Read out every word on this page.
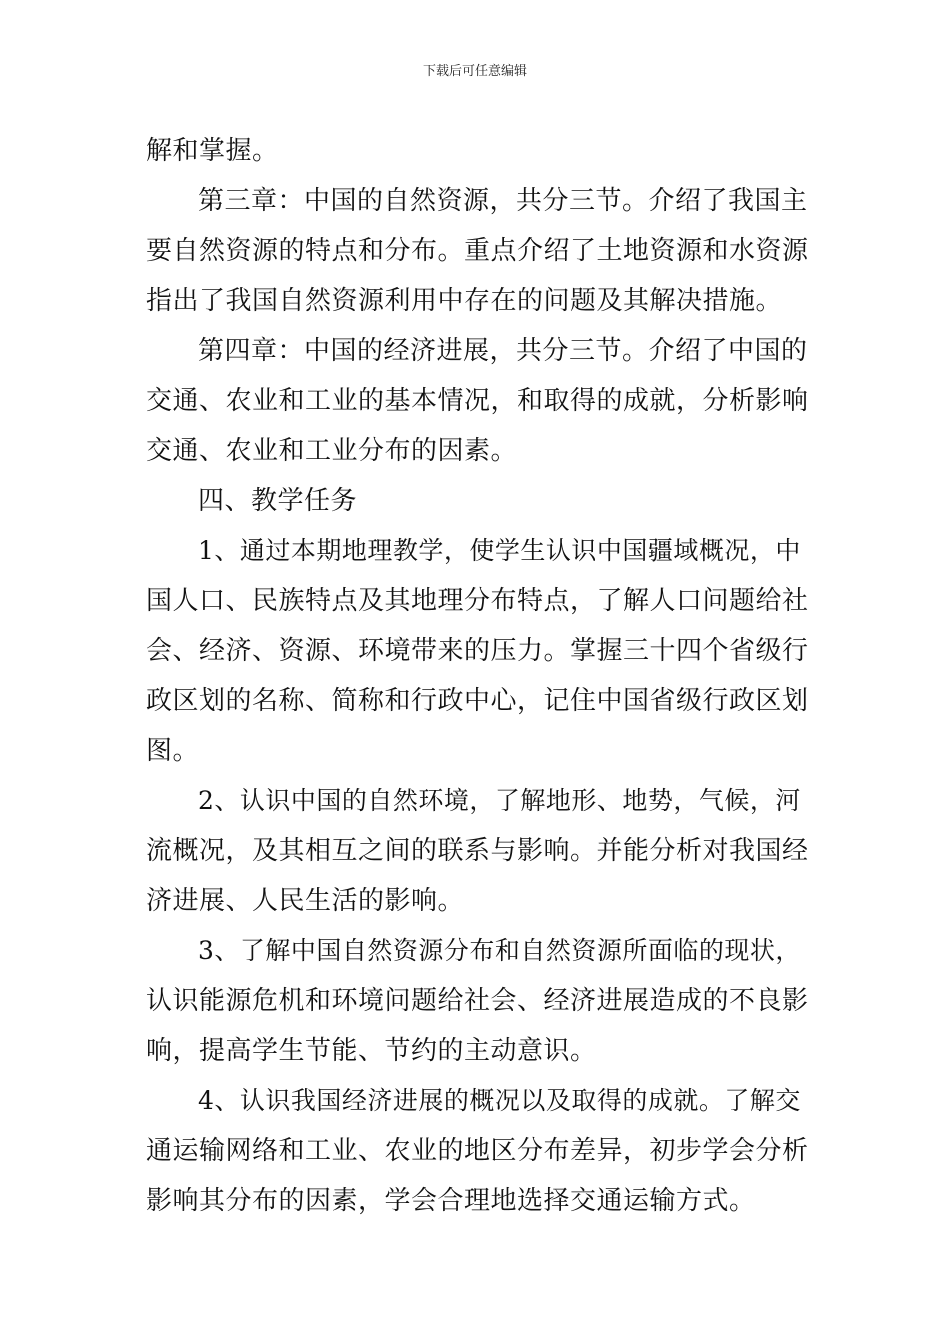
下载后可任意编辑
解和掌握。
第三章：中国的自然资源，共分三节。介绍了我国主
要自然资源的特点和分布。重点介绍了土地资源和水资源
指出了我国自然资源利用中存在的问题及其解决措施。
第四章：中国的经济进展，共分三节。介绍了中国的
交通、农业和工业的基本情况，和取得的成就，分析影响
交通、农业和工业分布的因素。
四、教学任务
1、通过本期地理教学，使学生认识中国疆域概况，中
国人口、民族特点及其地理分布特点，了解人口问题给社
会、经济、资源、环境带来的压力。掌握三十四个省级行
政区划的名称、简称和行政中心，记住中国省级行政区划
图。
2、认识中国的自然环境，了解地形、地势，气候，河
流概况，及其相互之间的联系与影响。并能分析对我国经
济进展、人民生活的影响。
3、了解中国自然资源分布和自然资源所面临的现状，
认识能源危机和环境问题给社会、经济进展造成的不良影
响，提高学生节能、节约的主动意识。
4、认识我国经济进展的概况以及取得的成就。了解交
通运输网络和工业、农业的地区分布差异，初步学会分析
影响其分布的因素，学会合理地选择交通运输方式。
